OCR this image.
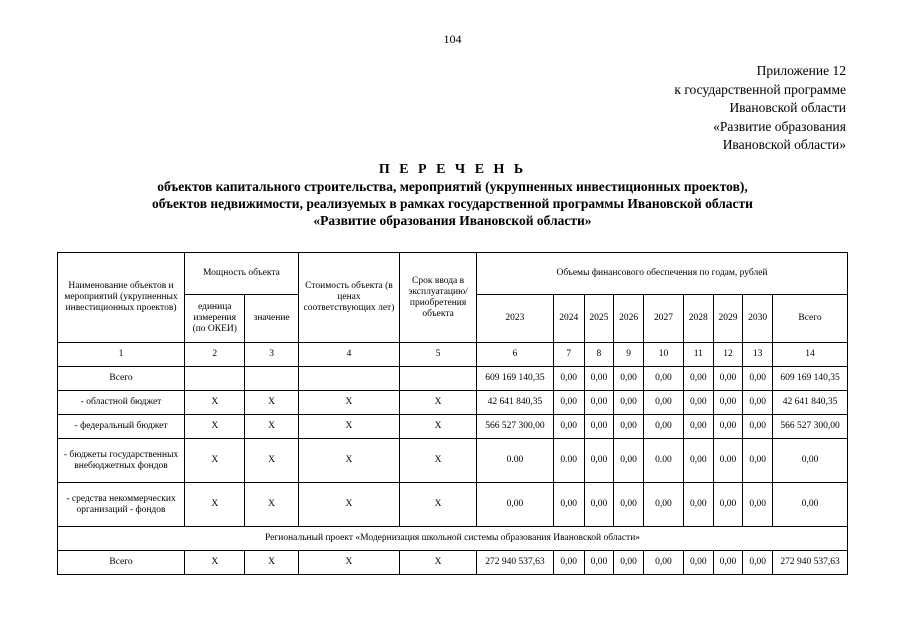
104
Приложение 12
к государственной программе
Ивановской области
«Развитие образования
Ивановской области»
П Е Р Е Ч Е Н Ь
объектов капитального строительства, мероприятий (укрупненных инвестиционных проектов),
объектов недвижимости, реализуемых в рамках государственной программы Ивановской области
«Развитие образования Ивановской области»
Наименование объектов и мероприятий (укрупненных инвестиционных проектов)	Мощность объекта		Стоимость объекта (в ценах соответствующих лет)	Срок ввода в эксплуатацию/ приобретения объекта	Объемы финансового обеспечения по годам, рублей								
	единица измерения (по ОКЕИ)	значение			2023	2024	2025	2026	2027	2028	2029	2030	Всего
1	2	3	4	5	6	7	8	9	10	11	12	13	14
Всего					609 169 140,35	0,00	0,00	0,00	0,00	0,00	0,00	0,00	609 169 140,35
- областной бюджет	X	X	X	X	42 641 840,35	0,00	0,00	0,00	0,00	0,00	0,00	0,00	42 641 840,35
- федеральный бюджет	X	X	X	X	566 527 300,00	0,00	0,00	0,00	0,00	0,00	0,00	0,00	566 527 300,00
- бюджеты государственных внебюджетных фондов	X	X	X	X	0.00	0.00	0,00	0,00	0.00	0,00	0.00	0,00	0,00
- средства некоммерческих организаций - фондов	X	X	X	X	0,00	0,00	0,00	0,00	0,00	0,00	0,00	0,00	0,00
Региональный проект «Модернизация школьной системы образования Ивановской области»													
Всего	X	X	X	X	272 940 537,63	0,00	0,00	0,00	0,00	0,00	0,00	0,00	272 940 537,63
